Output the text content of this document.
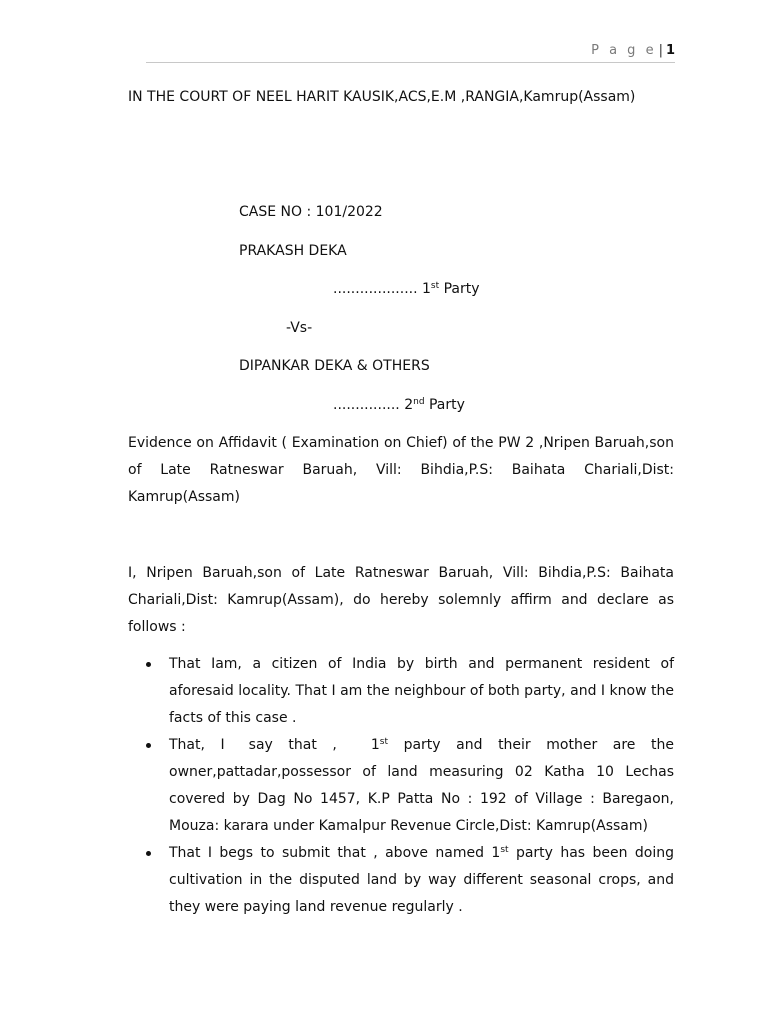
P a g e | 1
IN THE COURT OF NEEL HARIT KAUSIK,ACS,E.M ,RANGIA,Kamrup(Assam)

CASE NO : 101/2022

PRAKASH DEKA

................... 1st Party

-Vs-

DIPANKAR DEKA & OTHERS

............... 2nd Party

Evidence on Affidavit ( Examination on Chief) of the PW 2 ,Nripen Baruah,son of Late Ratneswar Baruah, Vill: Bihdia,P.S: Baihata Chariali,Dist: Kamrup(Assam)

I, Nripen Baruah,son of Late Ratneswar Baruah, Vill: Bihdia,P.S: Baihata Chariali,Dist: Kamrup(Assam), do hereby solemnly affirm and declare as follows :

That Iam, a citizen of India by birth and permanent resident of aforesaid locality. That I am the neighbour of both party, and I know the facts of this case .
That, I say that , 1st party and their mother are the owner,pattadar,possessor of land measuring 02 Katha 10 Lechas covered by Dag No 1457, K.P Patta No : 192 of Village : Baregaon, Mouza: karara under Kamalpur Revenue Circle,Dist: Kamrup(Assam)
That I begs to submit that , above named 1st party has been doing cultivation in the disputed land by way different seasonal crops, and they were paying land revenue regularly .
